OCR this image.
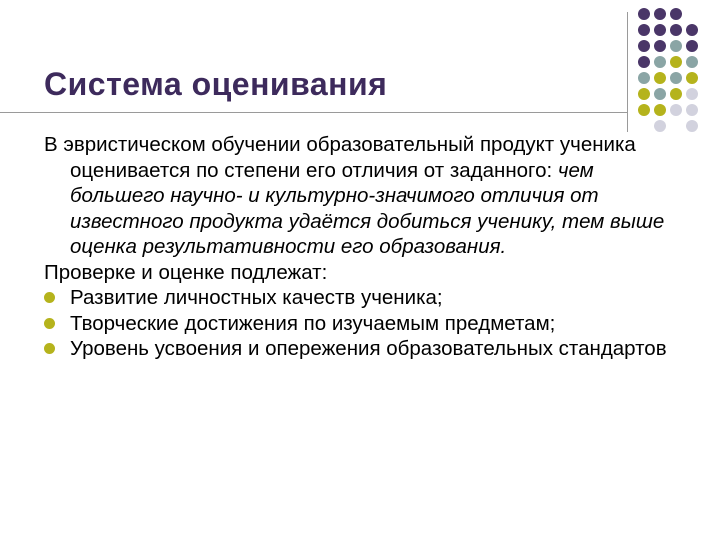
Система оценивания

В эвристическом обучении образовательный продукт ученика оценивается по степени его отличия от заданного: чем большего научно- и культурно-значимого отличия от известного продукта удаётся добиться ученику, тем выше оценка результативности его образования.

Проверке и оценке подлежат:

Развитие личностных качеств ученика;

Творческие достижения по изучаемым предметам;

Уровень усвоения и опережения образовательных стандартов
